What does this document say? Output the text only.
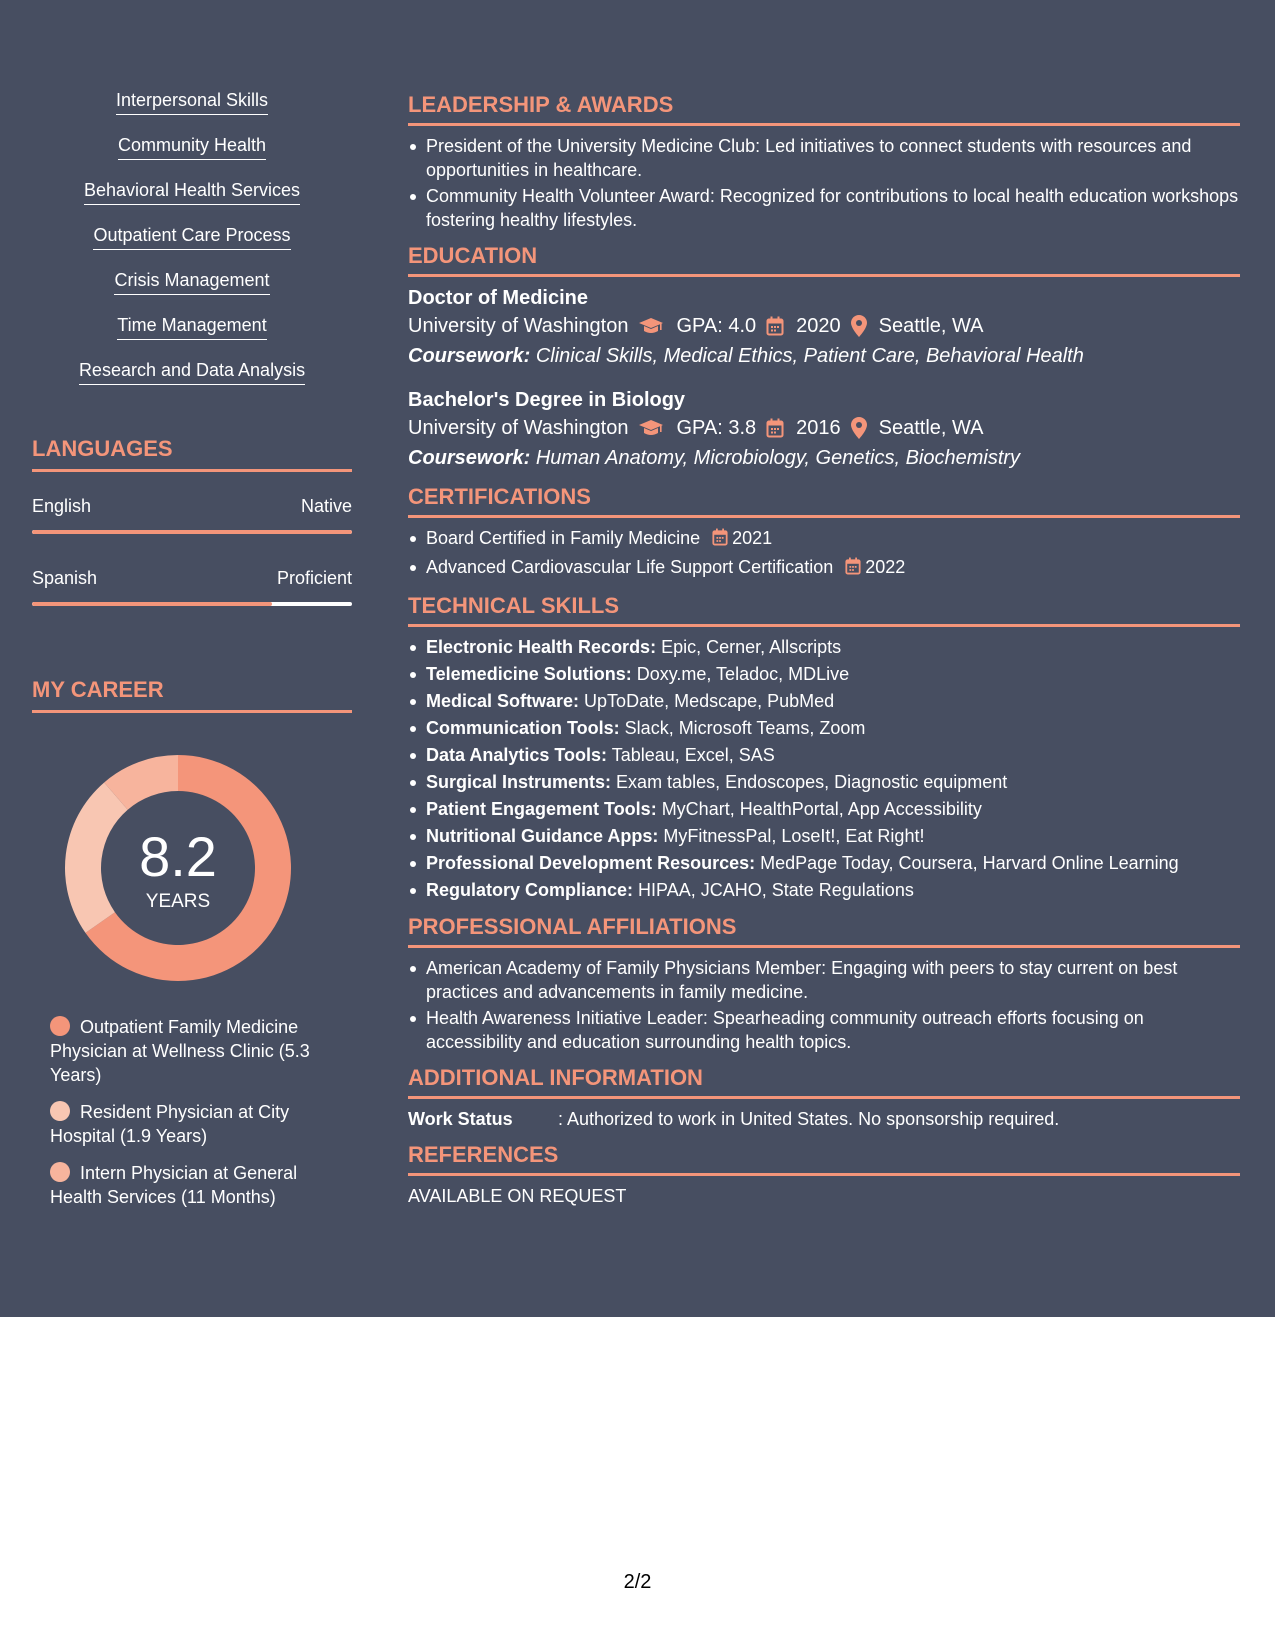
Interpersonal Skills
Community Health
Behavioral Health Services
Outpatient Care Process
Crisis Management
Time Management
Research and Data Analysis
LANGUAGES
English	Native
Spanish	Proficient
MY CAREER
8.2
YEARS
Outpatient Family Medicine Physician at Wellness Clinic (5.3 Years)
Resident Physician at City Hospital (1.9 Years)
Intern Physician at General Health Services (11 Months)
LEADERSHIP & AWARDS
President of the University Medicine Club: Led initiatives to connect students with resources and opportunities in healthcare.
Community Health Volunteer Award: Recognized for contributions to local health education workshops fostering healthy lifestyles.
EDUCATION
Doctor of Medicine
University of Washington GPA: 4.0 2020 Seattle, WA
Coursework: Clinical Skills, Medical Ethics, Patient Care, Behavioral Health
Bachelor's Degree in Biology
University of Washington GPA: 3.8 2016 Seattle, WA
Coursework: Human Anatomy, Microbiology, Genetics, Biochemistry
CERTIFICATIONS
Board Certified in Family Medicine 2021
Advanced Cardiovascular Life Support Certification 2022
TECHNICAL SKILLS
Electronic Health Records: Epic, Cerner, Allscripts
Telemedicine Solutions: Doxy.me, Teladoc, MDLive
Medical Software: UpToDate, Medscape, PubMed
Communication Tools: Slack, Microsoft Teams, Zoom
Data Analytics Tools: Tableau, Excel, SAS
Surgical Instruments: Exam tables, Endoscopes, Diagnostic equipment
Patient Engagement Tools: MyChart, HealthPortal, App Accessibility
Nutritional Guidance Apps: MyFitnessPal, LoseIt!, Eat Right!
Professional Development Resources: MedPage Today, Coursera, Harvard Online Learning
Regulatory Compliance: HIPAA, JCAHO, State Regulations
PROFESSIONAL AFFILIATIONS
American Academy of Family Physicians Member: Engaging with peers to stay current on best practices and advancements in family medicine.
Health Awareness Initiative Leader: Spearheading community outreach efforts focusing on accessibility and education surrounding health topics.
ADDITIONAL INFORMATION
Work Status	: Authorized to work in United States. No sponsorship required.
REFERENCES
AVAILABLE ON REQUEST
2/2
